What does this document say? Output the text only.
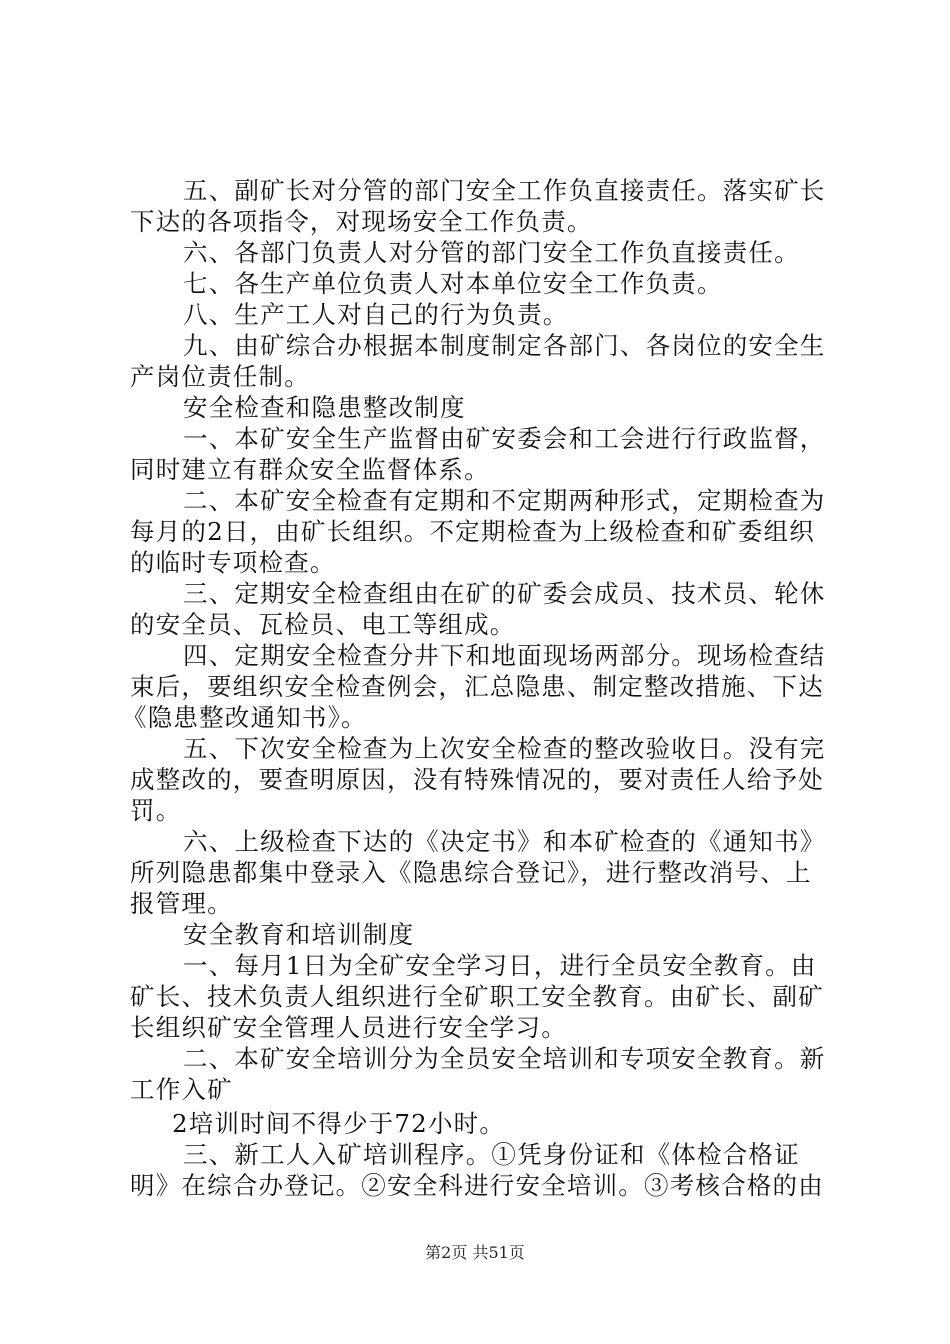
五、副矿长对分管的部门安全工作负直接责任。落实矿长
下达的各项指令，对现场安全工作负责。
六、各部门负责人对分管的部门安全工作负直接责任。
七、各生产单位负责人对本单位安全工作负责。
八、生产工人对自己的行为负责。
九、由矿综合办根据本制度制定各部门、各岗位的安全生
产岗位责任制。
安全检查和隐患整改制度
一、本矿安全生产监督由矿安委会和工会进行行政监督，
同时建立有群众安全监督体系。
二、本矿安全检查有定期和不定期两种形式，定期检查为
每月的2日，由矿长组织。不定期检查为上级检查和矿委组织
的临时专项检查。
三、定期安全检查组由在矿的矿委会成员、技术员、轮休
的安全员、瓦检员、电工等组成。
四、定期安全检查分井下和地面现场两部分。现场检查结
束后，要组织安全检查例会，汇总隐患、制定整改措施、下达
《隐患整改通知书》。
五、下次安全检查为上次安全检查的整改验收日。没有完
成整改的，要查明原因，没有特殊情况的，要对责任人给予处
罚。
六、上级检查下达的《决定书》和本矿检查的《通知书》
所列隐患都集中登录入《隐患综合登记》，进行整改消号、上
报管理。
安全教育和培训制度
一、每月1日为全矿安全学习日，进行全员安全教育。由
矿长、技术负责人组织进行全矿职工安全教育。由矿长、副矿
长组织矿安全管理人员进行安全学习。
二、本矿安全培训分为全员安全培训和专项安全教育。新
工作入矿
2培训时间不得少于72小时。
三、新工人入矿培训程序。①凭身份证和《体检合格证
明》在综合办登记。②安全科进行安全培训。③考核合格的由
第2页 共51页
